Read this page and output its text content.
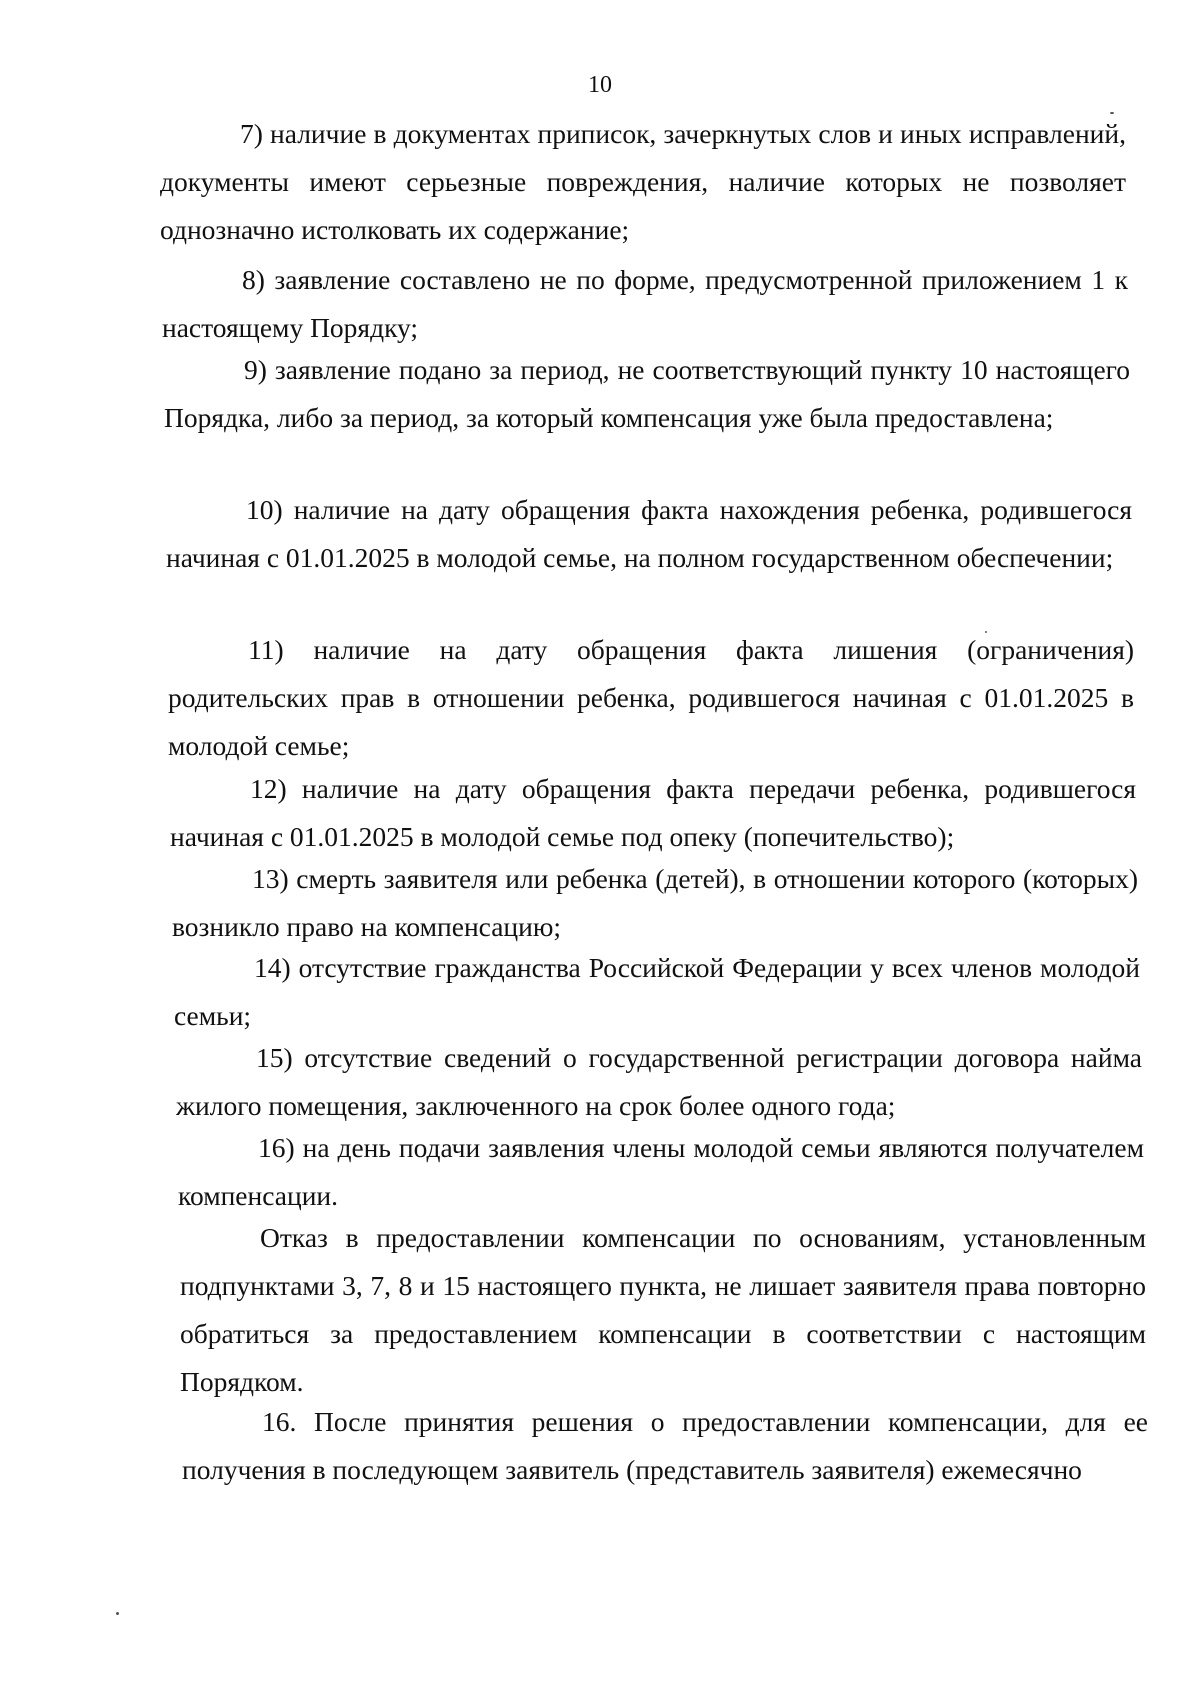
10

7) наличие в документах приписок, зачеркнутых слов и иных исправлений, документы имеют серьезные повреждения, наличие которых не позволяет однозначно истолковать их содержание;

8) заявление составлено не по форме, предусмотренной приложением 1 к настоящему Порядку;

9) заявление подано за период, не соответствующий пункту 10 настоящего Порядка, либо за период, за который компенсация уже была предоставлена;

10) наличие на дату обращения факта нахождения ребенка, родившегося начиная с 01.01.2025 в молодой семье, на полном государственном обеспечении;

11) наличие на дату обращения факта лишения (ограничения) родительских прав в отношении ребенка, родившегося начиная с 01.01.2025 в молодой семье;

12) наличие на дату обращения факта передачи ребенка, родившегося начиная с 01.01.2025 в молодой семье под опеку (попечительство);

13) смерть заявителя или ребенка (детей), в отношении которого (которых) возникло право на компенсацию;

14) отсутствие гражданства Российской Федерации у всех членов молодой семьи;

15) отсутствие сведений о государственной регистрации договора найма жилого помещения, заключенного на срок более одного года;

16) на день подачи заявления члены молодой семьи являются получателем компенсации.

Отказ в предоставлении компенсации по основаниям, установленным подпунктами 3, 7, 8 и 15 настоящего пункта, не лишает заявителя права повторно обратиться за предоставлением компенсации в соответствии с настоящим Порядком.

16. После принятия решения о предоставлении компенсации, для ее получения в последующем заявитель (представитель заявителя) ежемесячно
